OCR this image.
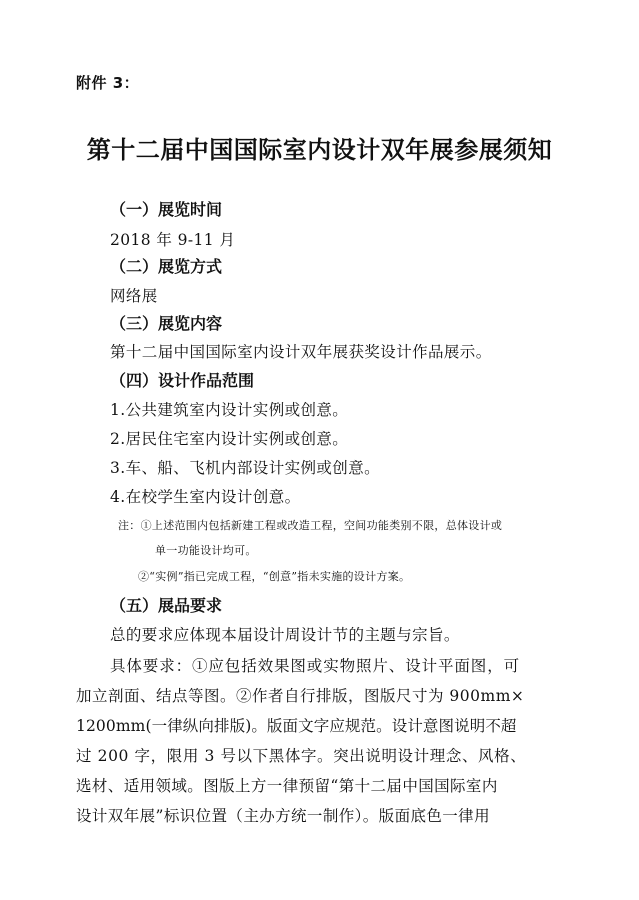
附件 3：
第十二届中国国际室内设计双年展参展须知
（一）展览时间
2018 年 9-11 月
（二）展览方式
网络展
（三）展览内容
第十二届中国国际室内设计双年展获奖设计作品展示。
（四）设计作品范围
1.公共建筑室内设计实例或创意。
2.居民住宅室内设计实例或创意。
3.车、船、飞机内部设计实例或创意。
4.在校学生室内设计创意。
注：①上述范围内包括新建工程或改造工程，空间功能类别不限，总体设计或
单一功能设计均可。
②“实例”指已完成工程，“创意”指未实施的设计方案。
（五）展品要求
总的要求应体现本届设计周设计节的主题与宗旨。
具体要求：①应包括效果图或实物照片、设计平面图，可
加立剖面、结点等图。②作者自行排版，图版尺寸为 900mm×
1200mm(一律纵向排版)。版面文字应规范。设计意图说明不超
过 200 字，限用 3 号以下黑体字。突出说明设计理念、风格、
选材、适用领域。图版上方一律预留“第十二届中国国际室内
设计双年展”标识位置（主办方统一制作）。版面底色一律用
